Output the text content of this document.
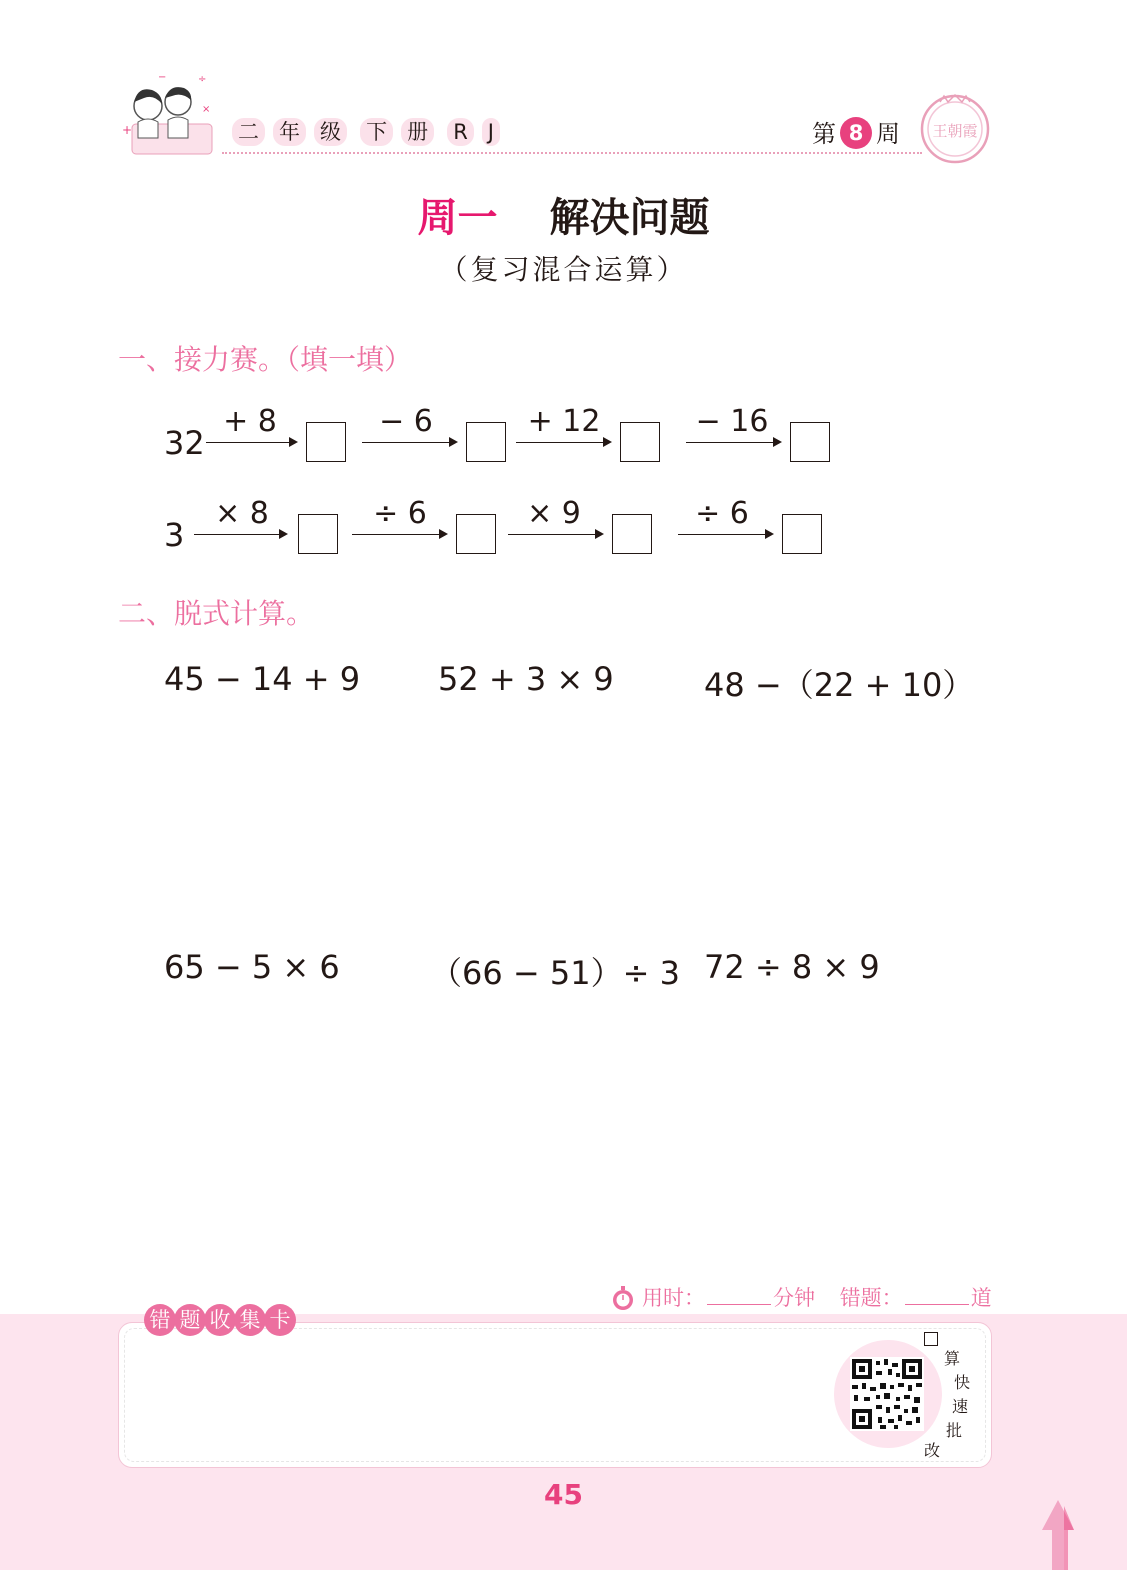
+
÷
−
×
二 年 级 下 册 R J	第 8 周	王朝霞
周一 解决问题
（复习混合运算）
一、接力赛。（填一填）
32
+ 8	− 6	+ 12	− 16
3
× 8	÷ 6	× 9	÷ 6
二、脱式计算。
45 − 14 + 9 52 + 3 × 9	48 −（22 + 10）
65 − 5 × 6	（66 − 51）÷ 3 72 ÷ 8 × 9
用时：	分钟 错题：	道
错 题 收 集 卡
算
快
速
批
改
45
